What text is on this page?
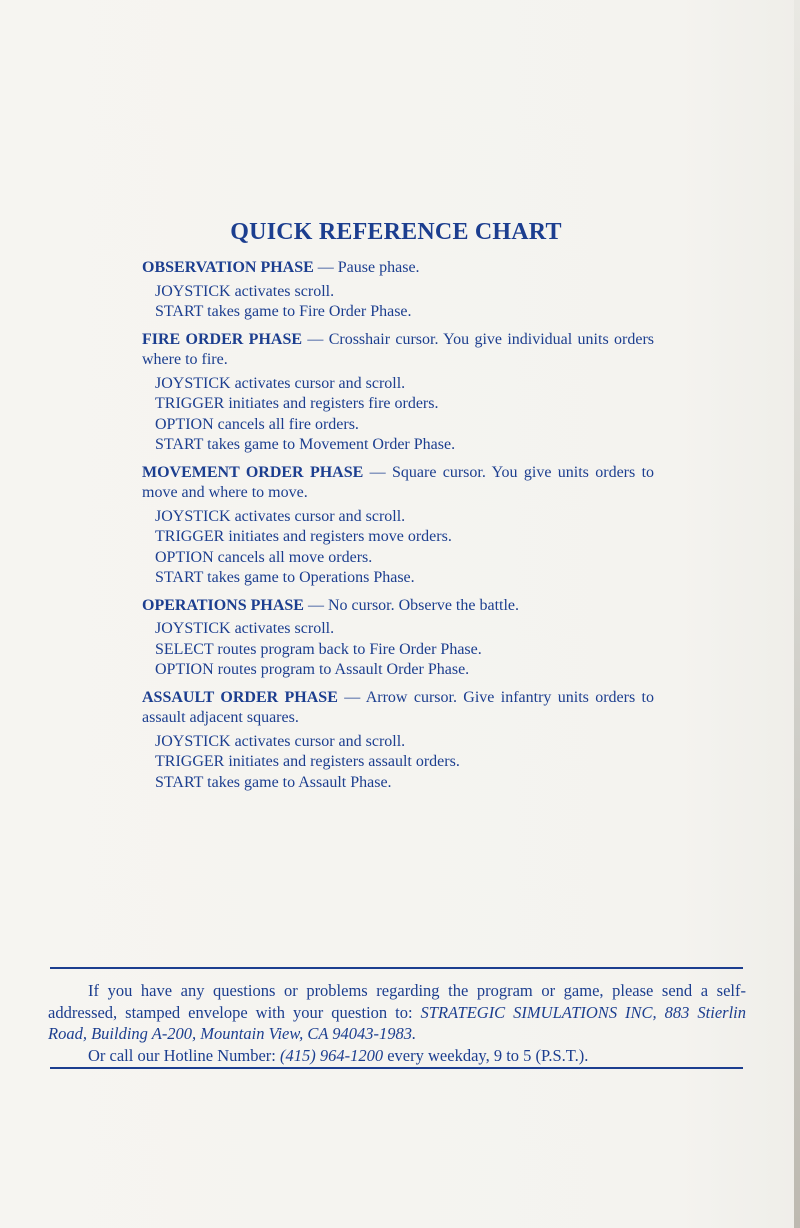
QUICK REFERENCE CHART
OBSERVATION PHASE — Pause phase.
JOYSTICK activates scroll.
START takes game to Fire Order Phase.
FIRE ORDER PHASE — Crosshair cursor. You give individual units orders where to fire.
JOYSTICK activates cursor and scroll.
TRIGGER initiates and registers fire orders.
OPTION cancels all fire orders.
START takes game to Movement Order Phase.
MOVEMENT ORDER PHASE — Square cursor. You give units orders to move and where to move.
JOYSTICK activates cursor and scroll.
TRIGGER initiates and registers move orders.
OPTION cancels all move orders.
START takes game to Operations Phase.
OPERATIONS PHASE — No cursor. Observe the battle.
JOYSTICK activates scroll.
SELECT routes program back to Fire Order Phase.
OPTION routes program to Assault Order Phase.
ASSAULT ORDER PHASE — Arrow cursor. Give infantry units orders to assault adjacent squares.
JOYSTICK activates cursor and scroll.
TRIGGER initiates and registers assault orders.
START takes game to Assault Phase.

If you have any questions or problems regarding the program or game, please send a self-addressed, stamped envelope with your question to: STRATEGIC SIMULATIONS INC, 883 Stierlin Road, Building A-200, Mountain View, CA 94043-1983.

Or call our Hotline Number: (415) 964-1200 every weekday, 9 to 5 (P.S.T.).
